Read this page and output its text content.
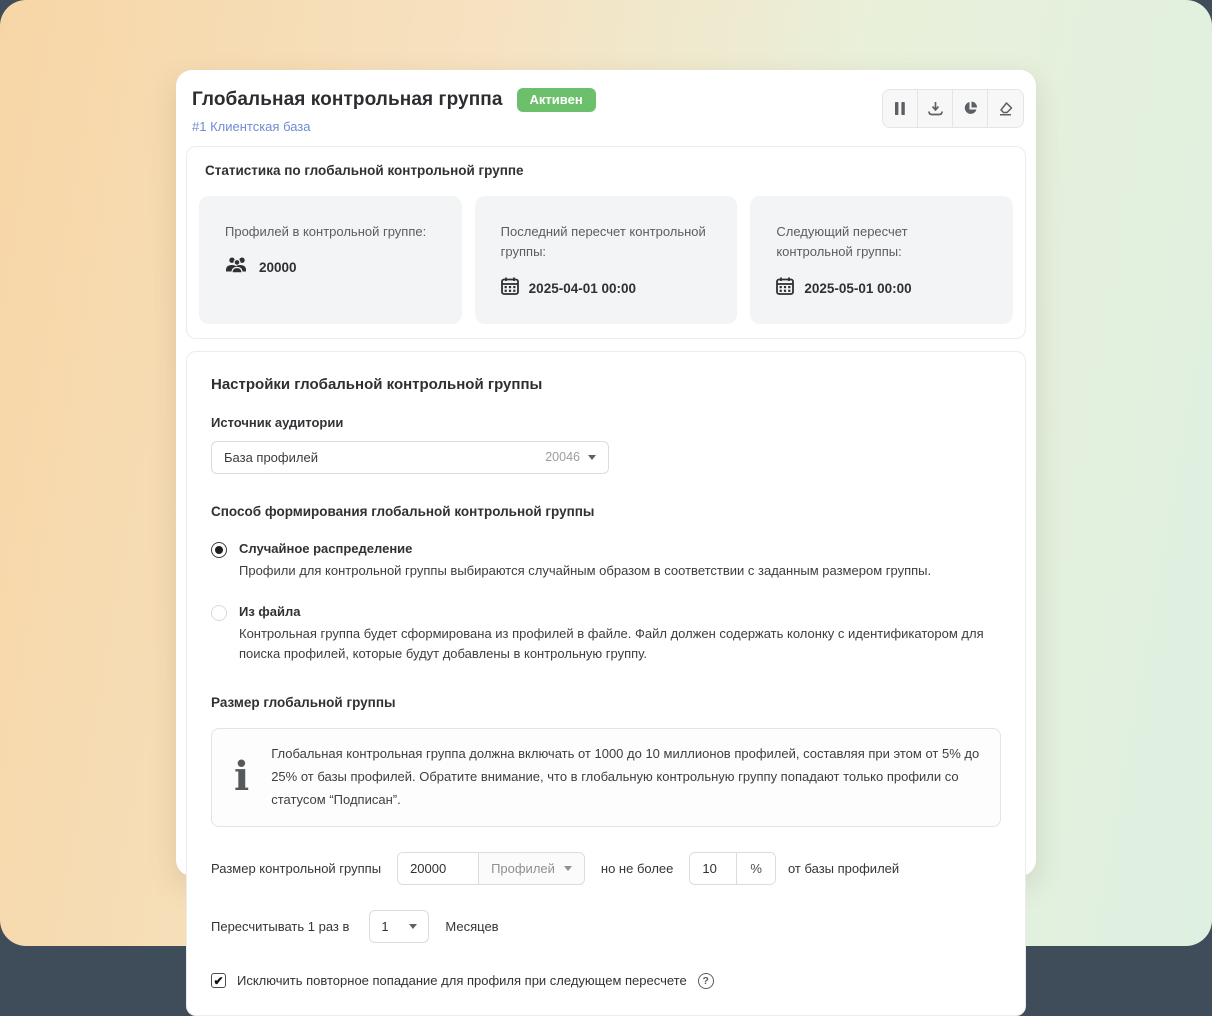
Глобальная контрольная группа	Активен
#1 Клиентская база
Статистика по глобальной контрольной группе
Профилей в контрольной группе:
20000
Последний пересчет контрольной группы:
2025-04-01 00:00
Следующий пересчет контрольной группы:
2025-05-01 00:00
Настройки глобальной контрольной группы
Источник аудитории
База профилей	20046
Способ формирования глобальной контрольной группы
Случайное распределение
Профили для контрольной группы выбираются случайным образом в соответствии с заданным размером группы.
Из файла
Контрольная группа будет сформирована из профилей в файле. Файл должен содержать колонку с идентификатором для поиска профилей, которые будут добавлены в контрольную группу.
Размер глобальной группы
i Глобальная контрольная группа должна включать от 1000 до 10 миллионов профилей, составляя при этом от 5% до 25% от базы профилей. Обратите внимание, что в глобальную контрольную группу попадают только профили со статусом “Подписан”.
Размер контрольной группы
20000	Профилей	но не более
10	%	от базы профилей
Пересчитывать 1 раз в 1	Месяцев
✔ Исключить повторное попадание для профиля при следующем пересчете	?
